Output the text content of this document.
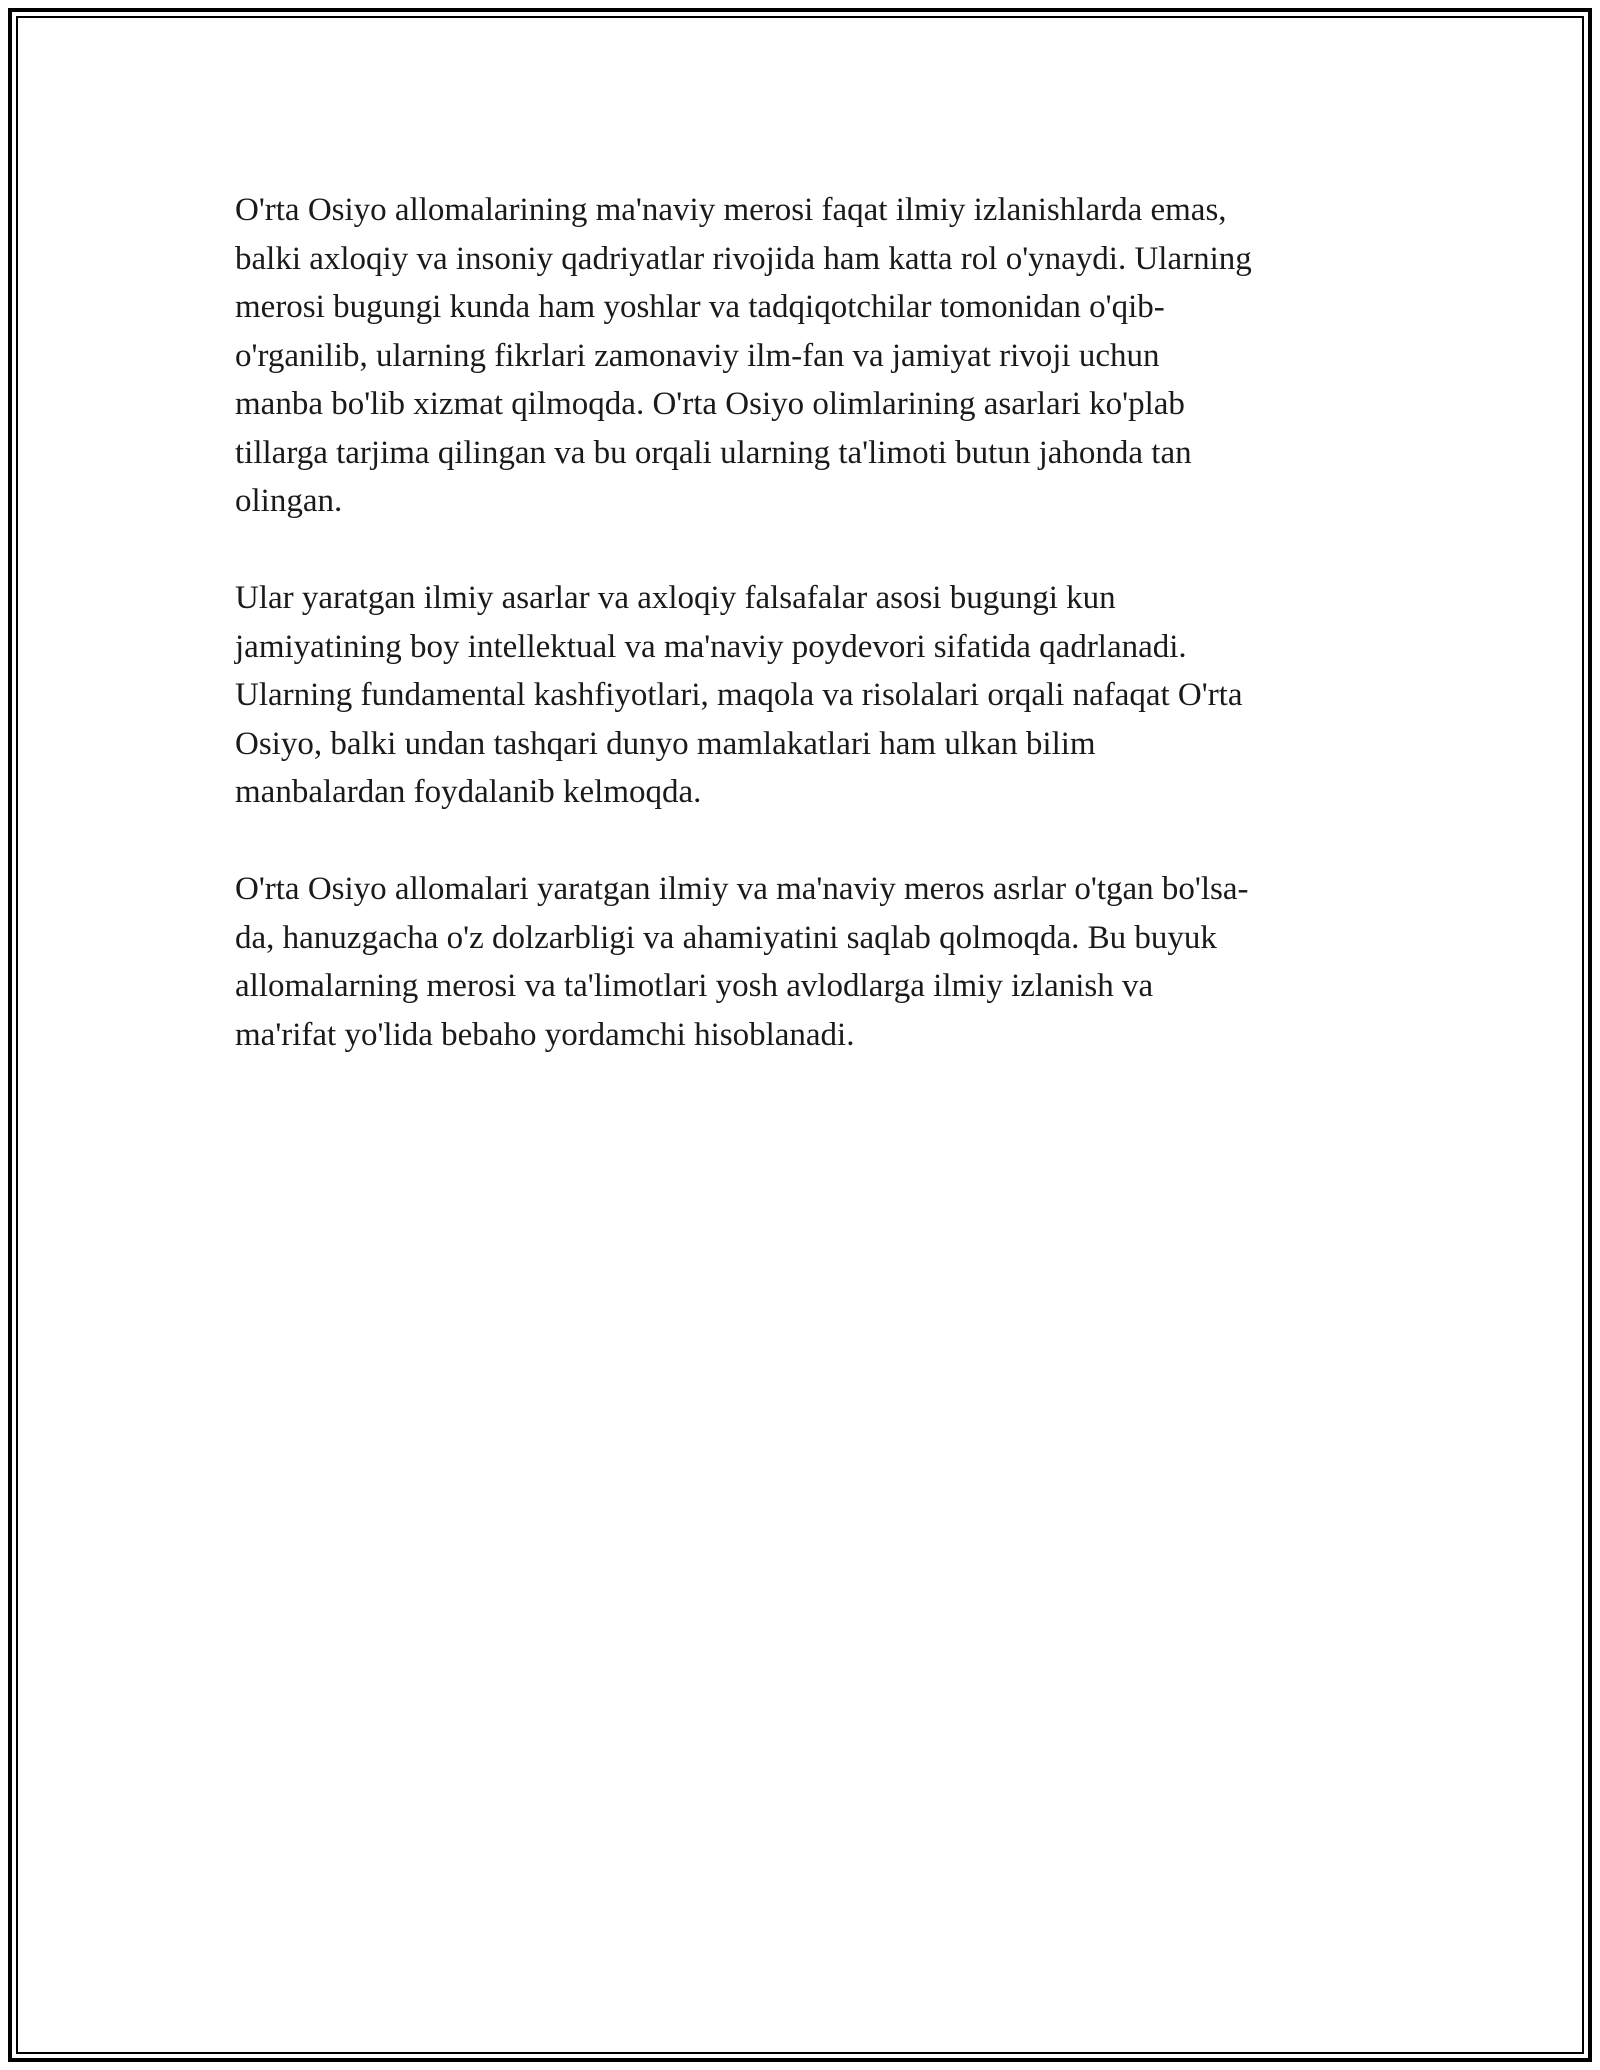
O'rta Osiyo allomalarining ma'naviy merosi faqat ilmiy izlanishlarda emas,
balki axloqiy va insoniy qadriyatlar rivojida ham katta rol o'ynaydi. Ularning
merosi bugungi kunda ham yoshlar va tadqiqotchilar tomonidan o'qib-
o'rganilib, ularning fikrlari zamonaviy ilm-fan va jamiyat rivoji uchun
manba bo'lib xizmat qilmoqda. O'rta Osiyo olimlarining asarlari ko'plab
tillarga tarjima qilingan va bu orqali ularning ta'limoti butun jahonda tan
olingan.

Ular yaratgan ilmiy asarlar va axloqiy falsafalar asosi bugungi kun
jamiyatining boy intellektual va ma'naviy poydevori sifatida qadrlanadi.
Ularning fundamental kashfiyotlari, maqola va risolalari orqali nafaqat O'rta
Osiyo, balki undan tashqari dunyo mamlakatlari ham ulkan bilim
manbalardan foydalanib kelmoqda.

O'rta Osiyo allomalari yaratgan ilmiy va ma'naviy meros asrlar o'tgan bo'lsa-
da, hanuzgacha o'z dolzarbligi va ahamiyatini saqlab qolmoqda. Bu buyuk
allomalarning merosi va ta'limotlari yosh avlodlarga ilmiy izlanish va
ma'rifat yo'lida bebaho yordamchi hisoblanadi.
